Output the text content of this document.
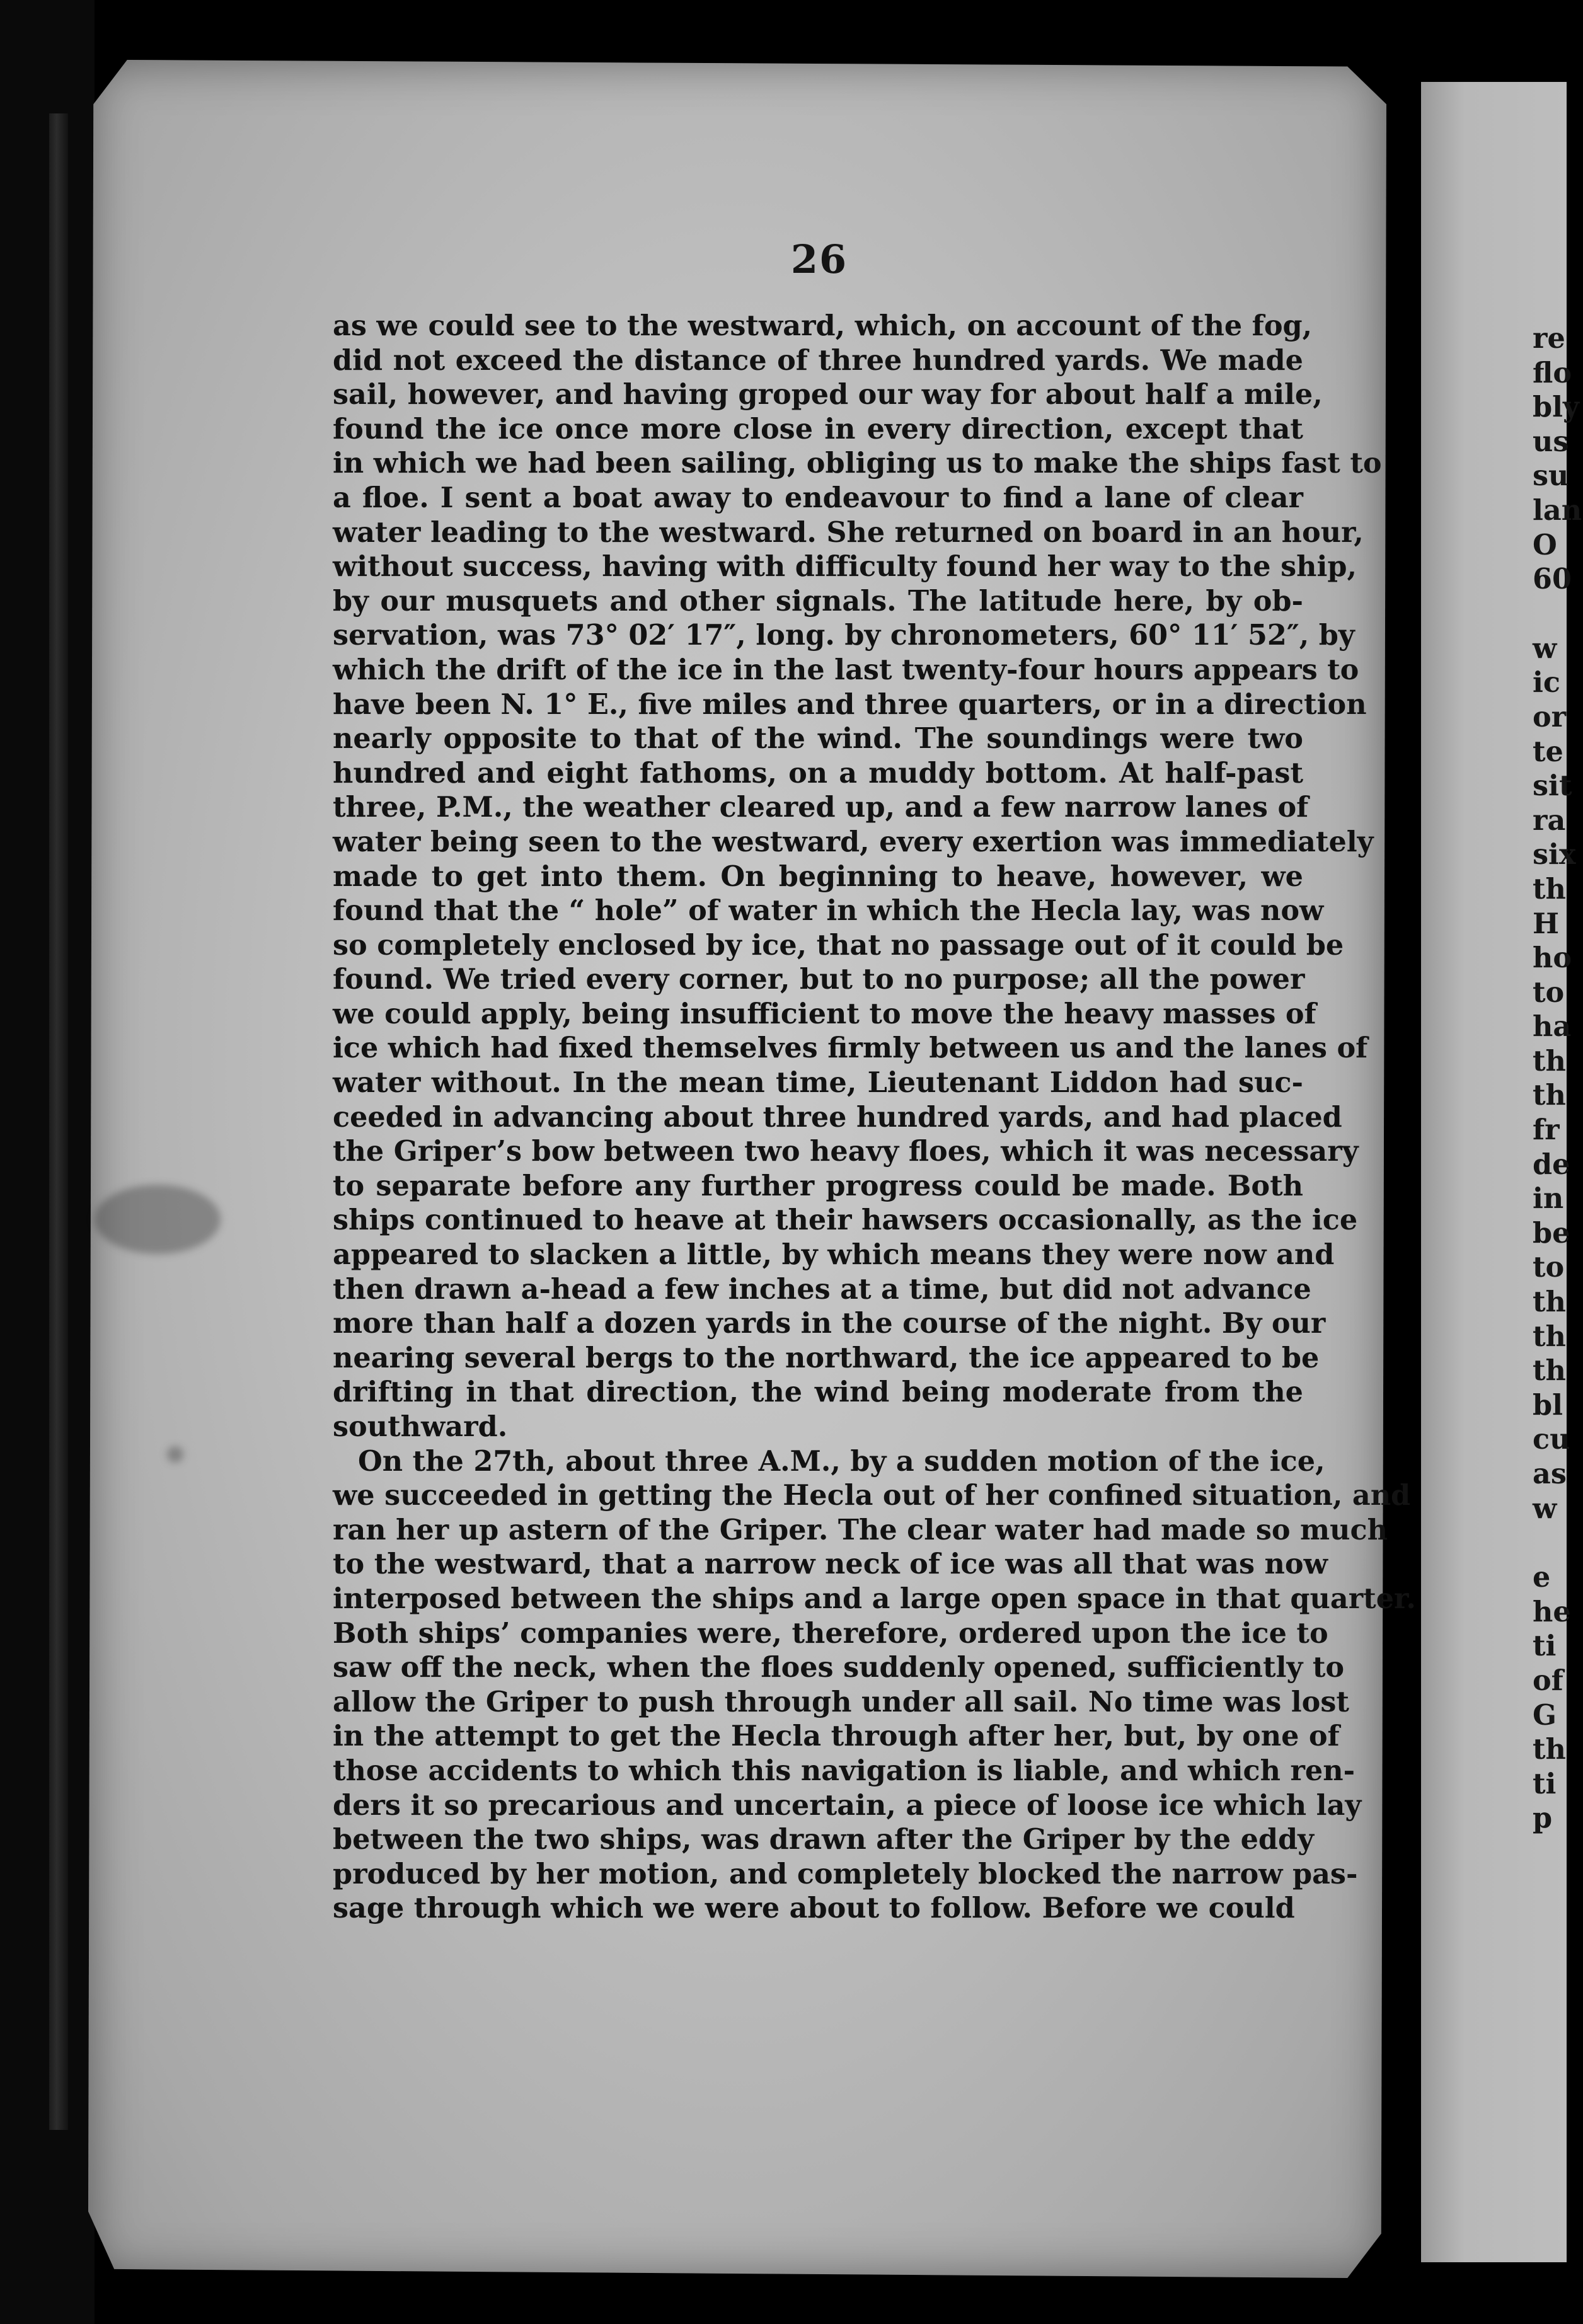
re
flo
bly
us
su
lan
O
60
w
ic
or
te
sit
ra
six
th
H
ho
to
ha
th
th
fr
de
in
be
to
th
th
th
bl
cu
as
w
e
he
ti
of
G
th
ti
p
26
as we could see to the westward, which, on account of the fog,
did not exceed the distance of three hundred yards. We made
sail, however, and having groped our way for about half a mile,
found the ice once more close in every direction, except that
in which we had been sailing, obliging us to make the ships fast to
a floe. I sent a boat away to endeavour to find a lane of clear
water leading to the westward. She returned on board in an hour,
without success, having with difficulty found her way to the ship,
by our musquets and other signals. The latitude here, by ob-
servation, was 73° 02′ 17″, long. by chronometers, 60° 11′ 52″, by
which the drift of the ice in the last twenty-four hours appears to
have been N. 1° E., five miles and three quarters, or in a direction
nearly opposite to that of the wind. The soundings were two
hundred and eight fathoms, on a muddy bottom. At half-past
three, P.M., the weather cleared up, and a few narrow lanes of
water being seen to the westward, every exertion was immediately
made to get into them. On beginning to heave, however, we
found that the “ hole” of water in which the Hecla lay, was now
so completely enclosed by ice, that no passage out of it could be
found. We tried every corner, but to no purpose; all the power
we could apply, being insufficient to move the heavy masses of
ice which had fixed themselves firmly between us and the lanes of
water without. In the mean time, Lieutenant Liddon had suc-
ceeded in advancing about three hundred yards, and had placed
the Griper’s bow between two heavy floes, which it was necessary
to separate before any further progress could be made. Both
ships continued to heave at their hawsers occasionally, as the ice
appeared to slacken a little, by which means they were now and
then drawn a-head a few inches at a time, but did not advance
more than half a dozen yards in the course of the night. By our
nearing several bergs to the northward, the ice appeared to be
drifting in that direction, the wind being moderate from the
southward.
On the 27th, about three A.M., by a sudden motion of the ice,
we succeeded in getting the Hecla out of her confined situation, and
ran her up astern of the Griper. The clear water had made so much
to the westward, that a narrow neck of ice was all that was now
interposed between the ships and a large open space in that quarter.
Both ships’ companies were, therefore, ordered upon the ice to
saw off the neck, when the floes suddenly opened, sufficiently to
allow the Griper to push through under all sail. No time was lost
in the attempt to get the Hecla through after her, but, by one of
those accidents to which this navigation is liable, and which ren-
ders it so precarious and uncertain, a piece of loose ice which lay
between the two ships, was drawn after the Griper by the eddy
produced by her motion, and completely blocked the narrow pas-
sage through which we were about to follow. Before we could
